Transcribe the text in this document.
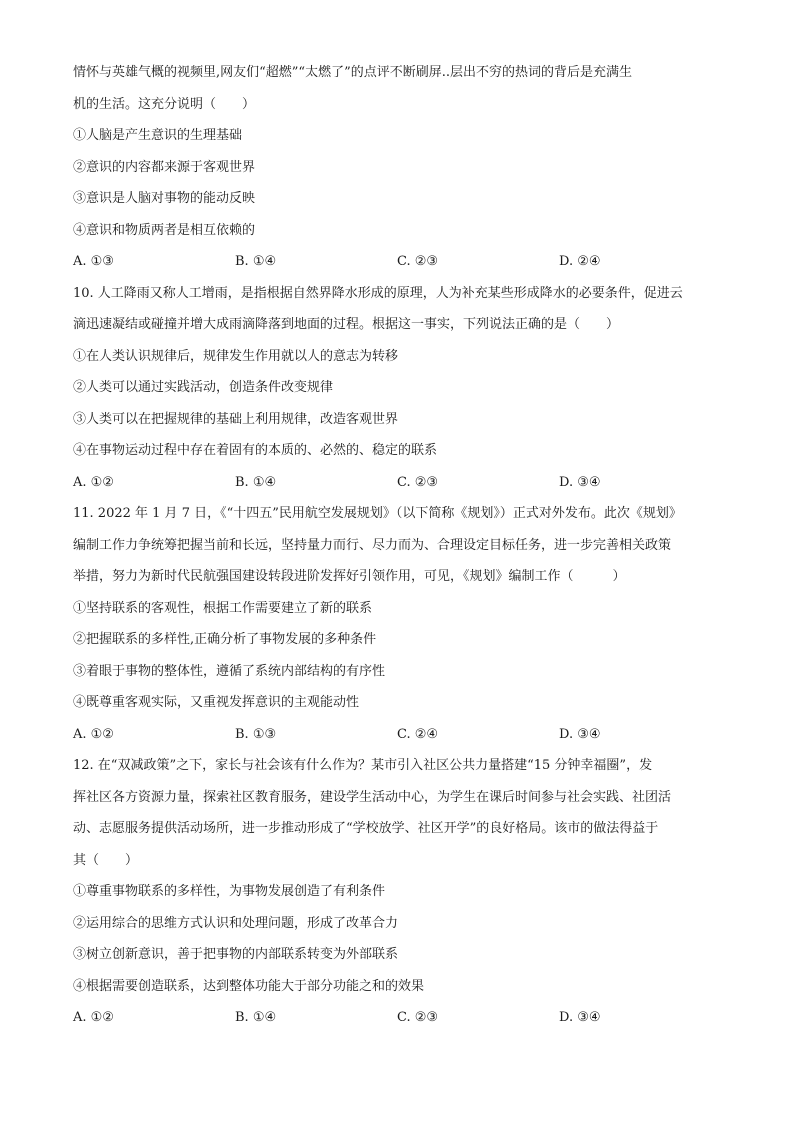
情怀与英雄气概的视频里,网友们“超燃”“太燃了”的点评不断刷屏..层出不穷的热词的背后是充满生
机的生活。这充分说明（　　）
①人脑是产生意识的生理基础
②意识的内容都来源于客观世界
③意识是人脑对事物的能动反映
④意识和物质两者是相互依赖的
A. ①③	B. ①④	C. ②③	D. ②④
10. 人工降雨又称人工增雨，是指根据自然界降水形成的原理，人为补充某些形成降水的必要条件，促进云
滴迅速凝结或碰撞并增大成雨滴降落到地面的过程。根据这一事实，下列说法正确的是（　　）
①在人类认识规律后，规律发生作用就以人的意志为转移
②人类可以通过实践活动，创造条件改变规律
③人类可以在把握规律的基础上利用规律，改造客观世界
④在事物运动过程中存在着固有的本质的、必然的、稳定的联系
A. ①②	B. ①④	C. ②③	D. ③④
11. 2022 年 1 月 7 日，《“十四五”民用航空发展规划》（以下简称《规划》）正式对外发布。此次《规划》
编制工作力争统筹把握当前和长远，坚持量力而行、尽力而为、合理设定目标任务，进一步完善相关政策
举措，努力为新时代民航强国建设转段进阶发挥好引领作用，可见，《规划》编制工作（　　　）
①坚持联系的客观性，根据工作需要建立了新的联系
②把握联系的多样性,正确分析了事物发展的多种条件
③着眼于事物的整体性，遵循了系统内部结构的有序性
④既尊重客观实际，又重视发挥意识的主观能动性
A. ①②	B. ①③	C. ②④	D. ③④
12. 在“双减政策”之下，家长与社会该有什么作为？某市引入社区公共力量搭建“15 分钟幸福圈”，发
挥社区各方资源力量，探索社区教育服务，建设学生活动中心，为学生在课后时间参与社会实践、社团活
动、志愿服务提供活动场所，进一步推动形成了“学校放学、社区开学”的良好格局。该市的做法得益于
其（　　）
①尊重事物联系的多样性，为事物发展创造了有利条件
②运用综合的思维方式认识和处理问题，形成了改革合力
③树立创新意识，善于把事物的内部联系转变为外部联系
④根据需要创造联系，达到整体功能大于部分功能之和的效果
A. ①②	B. ①④	C. ②③	D. ③④
